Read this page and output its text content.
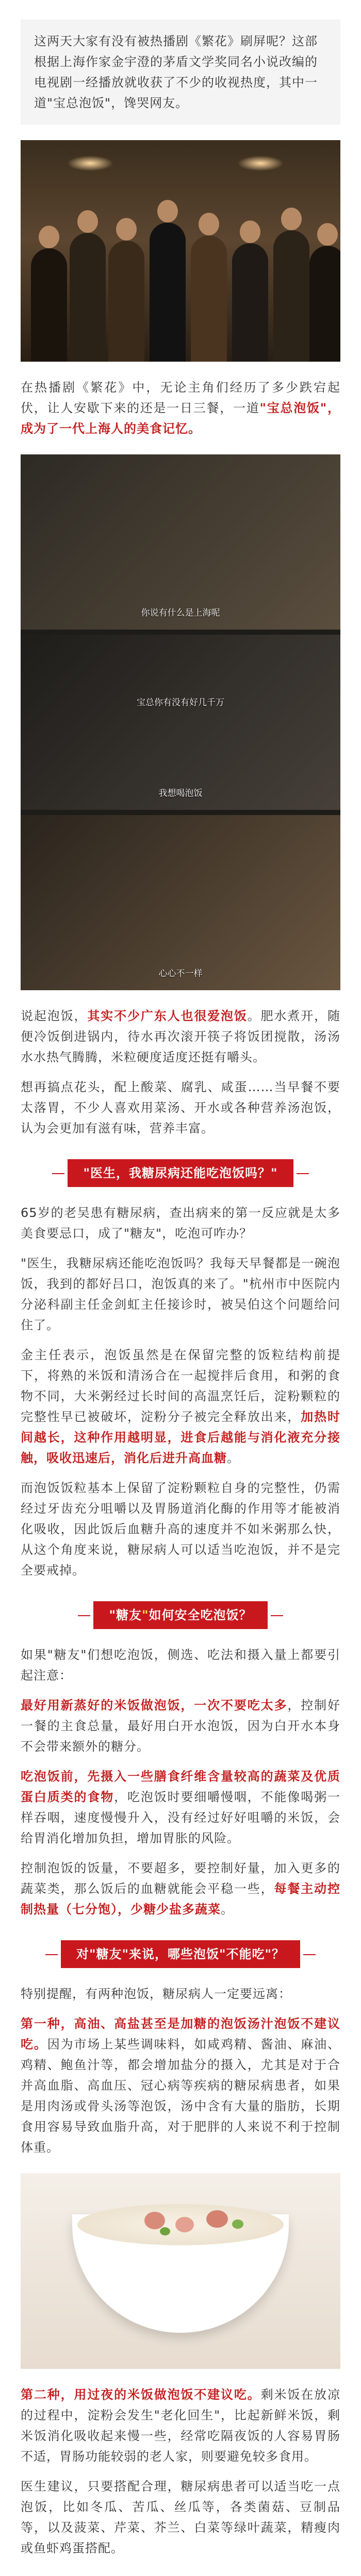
这两天大家有没有被热播剧《繁花》刷屏呢？这部根据上海作家金宇澄的茅盾文学奖同名小说改编的电视剧一经播放就收获了不少的收视热度，其中一道"宝总泡饭"，馋哭网友。

在热播剧《繁花》中，无论主角们经历了多少跌宕起伏，让人安歇下来的还是一日三餐，一道"宝总泡饭"，成为了一代上海人的美食记忆。

你说有什么是上海呢
宝总你有没有好几千万
我想喝泡饭
心心不一样

说起泡饭，其实不少广东人也很爱泡饭。肥水煮开，随便冷饭倒进锅内，待水再次滚开筷子将饭团搅散，汤汤水水热气腾腾，米粒硬度适度还挺有嚼头。

想再搞点花头，配上酸菜、腐乳、咸蛋……当早餐不要太落胃，不少人喜欢用菜汤、开水或各种营养汤泡饭，认为会更加有滋有味，营养丰富。

"医生，我糖尿病还能吃泡饭吗？"

65岁的老吴患有糖尿病，查出病来的第一反应就是太多美食要忌口，成了"糖友"，吃泡可咋办？

"医生，我糖尿病还能吃泡饭吗？我每天早餐都是一碗泡饭，我到的都好吕口，泡饭真的来了。"杭州市中医院内分泌科副主任金剑虹主任接诊时，被吴伯这个问题给问住了。

金主任表示，泡饭虽然是在保留完整的饭粒结构前提下，将熟的米饭和清汤合在一起搅拌后食用，和粥的食物不同，大米粥经过长时间的高温烹饪后，淀粉颗粒的完整性早已被破坏，淀粉分子被完全释放出来，加热时间越长，这种作用越明显，进食后越能与消化液充分接触，吸收迅速后，消化后进升高血糖。

而泡饭饭粒基本上保留了淀粉颗粒自身的完整性，仍需经过牙齿充分咀嚼以及胃肠道消化酶的作用等才能被消化吸收，因此饭后血糖升高的速度并不如米粥那么快，从这个角度来说，糖尿病人可以适当吃泡饭，并不是完全要戒掉。

"糖友"如何安全吃泡饭？

如果"糖友"们想吃泡饭，侧选、吃法和摄入量上都要引起注意：

最好用新蒸好的米饭做泡饭，一次不要吃太多，控制好一餐的主食总量，最好用白开水泡饭，因为白开水本身不会带来额外的糖分。

吃泡饭前，先摄入一些膳食纤维含量较高的蔬菜及优质蛋白质类的食物，吃泡饭时要细嚼慢咽，不能像喝粥一样吞咽，速度慢慢升入，没有经过好好咀嚼的米饭，会给胃消化增加负担，增加胃胀的风险。

控制泡饭的饭量，不要超多，要控制好量，加入更多的蔬菜类，那么饭后的血糖就能会平稳一些，每餐主动控制热量（七分饱），少糖少盐多蔬菜。

对"糖友"来说，哪些泡饭"不能吃"？

特别提醒，有两种泡饭，糖尿病人一定要远离：

第一种，高油、高盐甚至是加糖的泡饭汤汁泡饭不建议吃。因为市场上某些调味料，如咸鸡精、酱油、麻油、鸡精、鲍鱼汁等，都会增加盐分的摄入，尤其是对于合并高血脂、高血压、冠心病等疾病的糖尿病患者，如果是用肉汤或骨头汤等泡饭，汤中含有大量的脂肪，长期食用容易导致血脂升高，对于肥胖的人来说不利于控制体重。

第二种，用过夜的米饭做泡饭不建议吃。剩米饭在放凉的过程中，淀粉会发生"老化回生"，比起新鲜米饭，剩米饭消化吸收起来慢一些，经常吃隔夜饭的人容易胃肠不适，胃肠功能较弱的老人家，则要避免较多食用。

医生建议，只要搭配合理，糖尿病患者可以适当吃一点泡饭，比如冬瓜、苦瓜、丝瓜等，各类菌菇、豆制品等，以及菠菜、芹菜、芥兰、白菜等绿叶蔬菜，精瘦肉或鱼虾鸡蛋搭配。
